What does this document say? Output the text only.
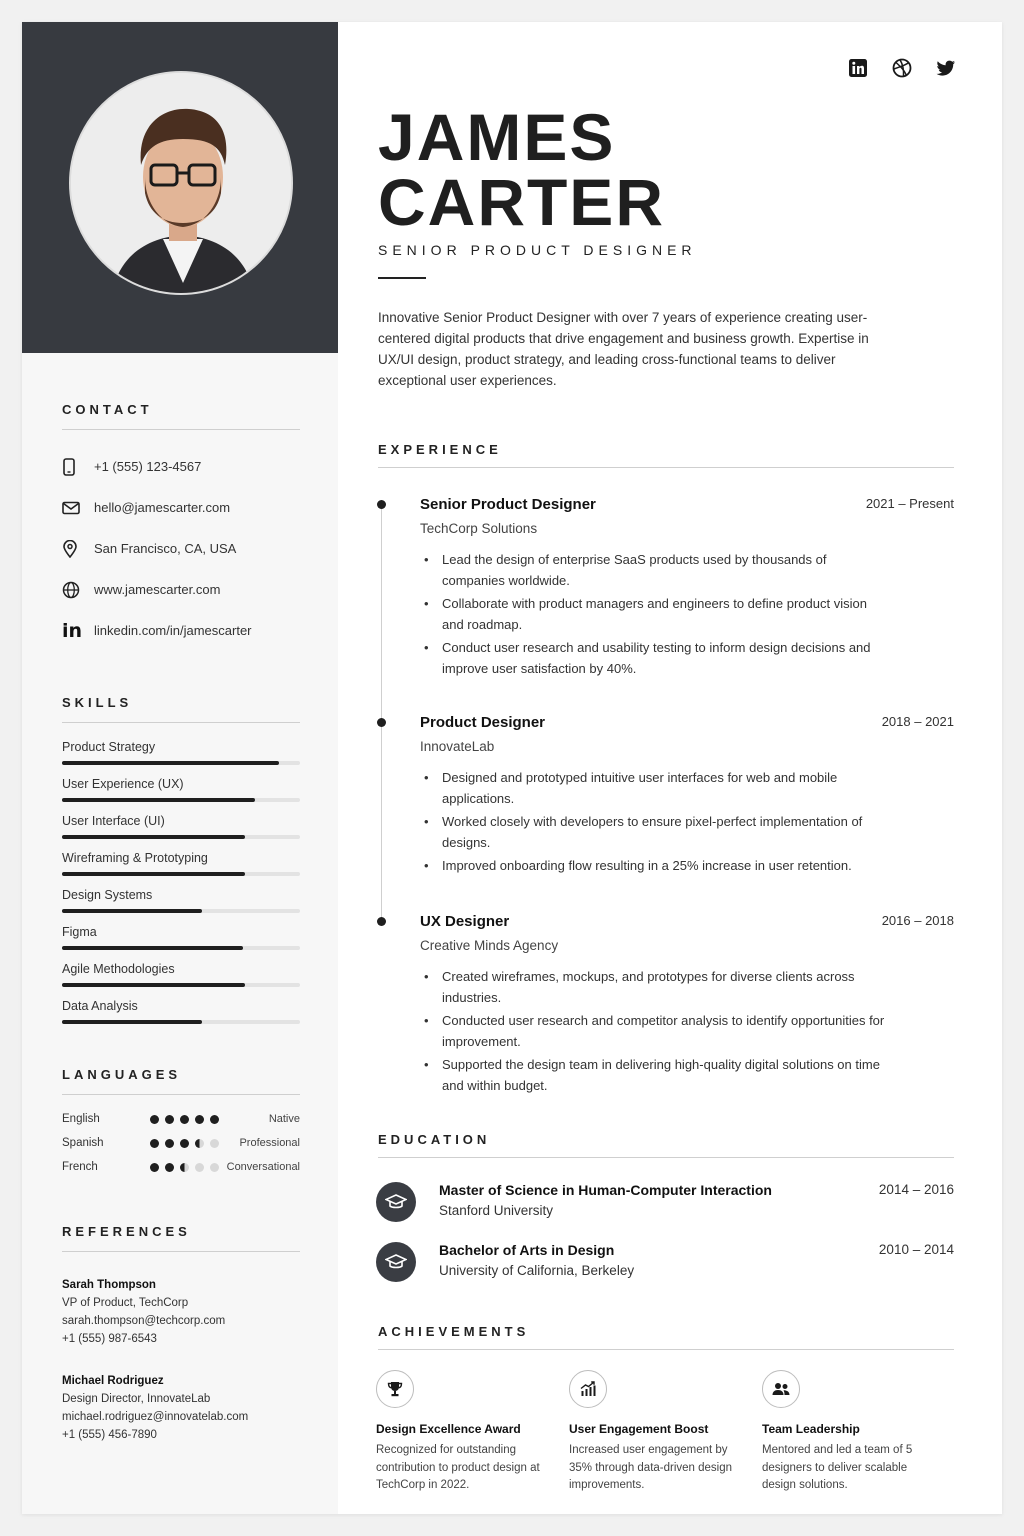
CONTACT
+1 (555) 123-4567
hello@jamescarter.com
San Francisco, CA, USA
www.jamescarter.com
in linkedin.com/in/jamescarter
SKILLS
Product Strategy
User Experience (UX)
User Interface (UI)
Wireframing & Prototyping
Design Systems
Figma
Agile Methodologies
Data Analysis
LANGUAGES
English	Native
Spanish	Professional
French	Conversational
REFERENCES
Sarah Thompson
VP of Product, TechCorp
sarah.thompson@techcorp.com
+1 (555) 987-6543
Michael Rodriguez
Design Director, InnovateLab
michael.rodriguez@innovatelab.com
+1 (555) 456-7890
JAMES
CARTER
SENIOR PRODUCT DESIGNER
Innovative Senior Product Designer with over 7 years of experience creating user-centered digital products that drive engagement and business growth. Expertise in UX/UI design, product strategy, and leading cross-functional teams to deliver exceptional user experiences.
EXPERIENCE
Senior Product Designer	2021 – Present
TechCorp Solutions
• Lead the design of enterprise SaaS products used by thousands of companies worldwide.
• Collaborate with product managers and engineers to define product vision and roadmap.
• Conduct user research and usability testing to inform design decisions and improve user satisfaction by 40%.
Product Designer	2018 – 2021
InnovateLab
• Designed and prototyped intuitive user interfaces for web and mobile applications.
• Worked closely with developers to ensure pixel-perfect implementation of designs.
• Improved onboarding flow resulting in a 25% increase in user retention.
UX Designer	2016 – 2018
Creative Minds Agency
• Created wireframes, mockups, and prototypes for diverse clients across industries.
• Conducted user research and competitor analysis to identify opportunities for improvement.
• Supported the design team in delivering high-quality digital solutions on time and within budget.
EDUCATION
Master of Science in Human-Computer Interaction
Stanford University
2014 – 2016
Bachelor of Arts in Design
University of California, Berkeley
2010 – 2014
ACHIEVEMENTS
Design Excellence Award
Recognized for outstanding contribution to product design at TechCorp in 2022.
User Engagement Boost
Increased user engagement by 35% through data-driven design improvements.
Team Leadership
Mentored and led a team of 5 designers to deliver scalable design solutions.
